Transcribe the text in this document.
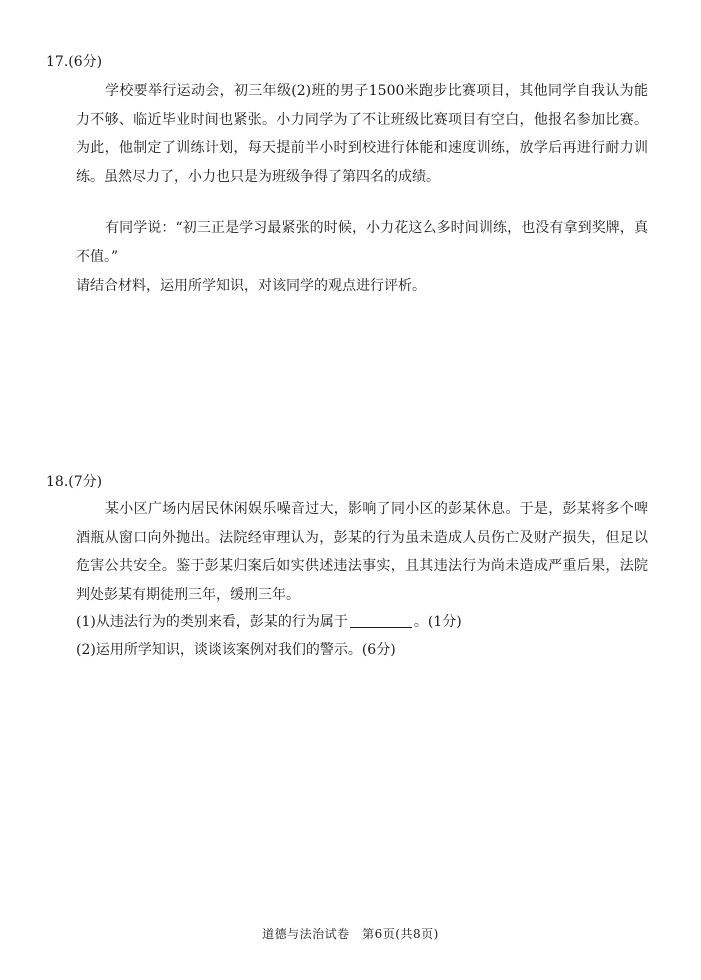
17.(6分)

学校要举行运动会，初三年级(2)班的男子1500米跑步比赛项目，其他同学自我认为能力不够、临近毕业时间也紧张。小力同学为了不让班级比赛项目有空白，他报名参加比赛。为此，他制定了训练计划，每天提前半小时到校进行体能和速度训练，放学后再进行耐力训练。虽然尽力了，小力也只是为班级争得了第四名的成绩。

有同学说：“初三正是学习最紧张的时候，小力花这么多时间训练，也没有拿到奖牌，真不值。”

请结合材料，运用所学知识，对该同学的观点进行评析。
18.(7分)

某小区广场内居民休闲娱乐噪音过大，影响了同小区的彭某休息。于是，彭某将多个啤酒瓶从窗口向外抛出。法院经审理认为，彭某的行为虽未造成人员伤亡及财产损失，但足以危害公共安全。鉴于彭某归案后如实供述违法事实，且其违法行为尚未造成严重后果，法院判处彭某有期徒刑三年，缓刑三年。

(1)从违法行为的类别来看，彭某的行为属于	。(1分)
(2)运用所学知识，谈谈该案例对我们的警示。(6分)
道德与法治试卷　第6页(共8页)
